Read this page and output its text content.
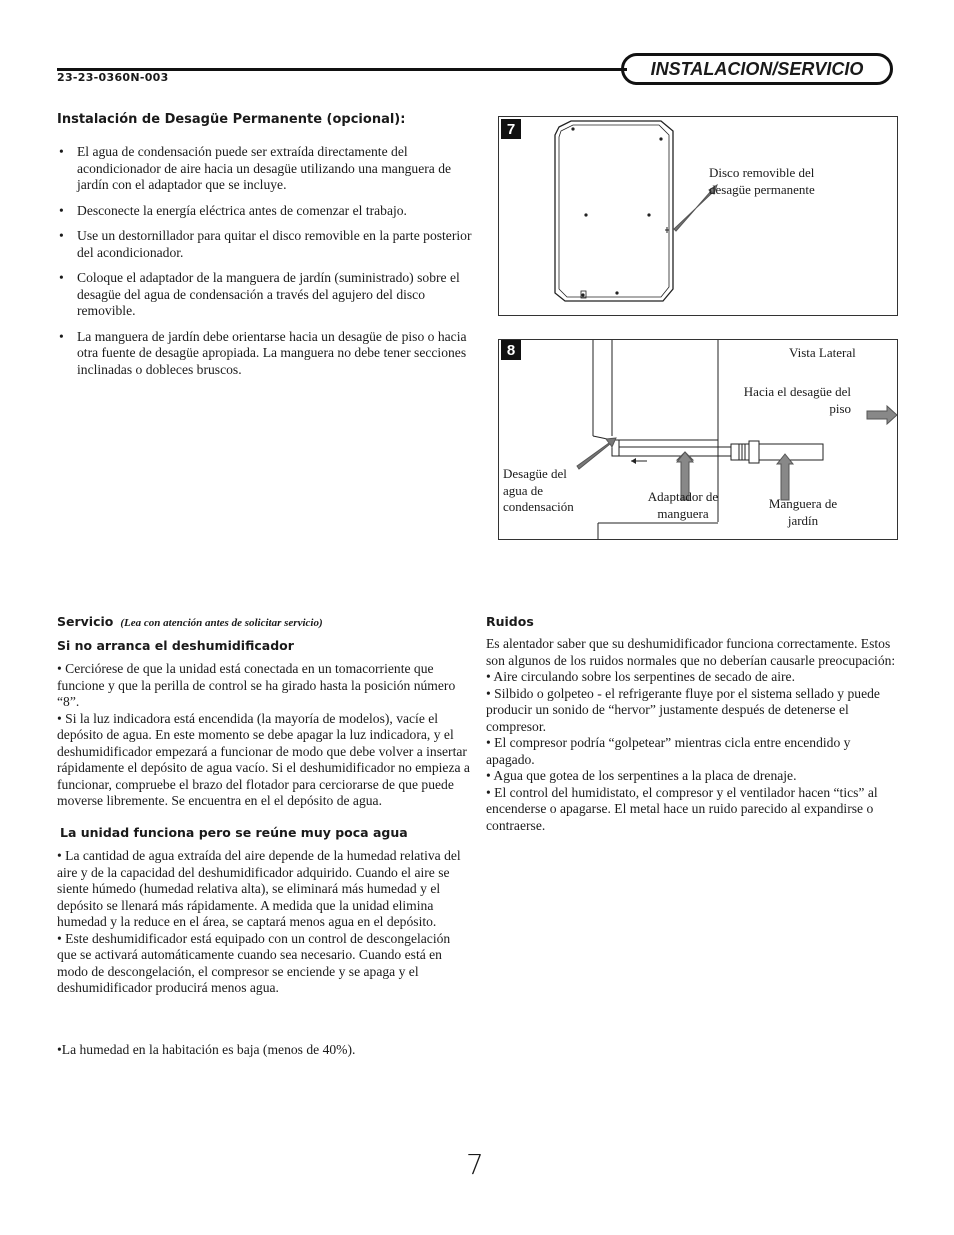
23-23-0360N-003	INSTALACION/SERVICIO
Instalación de Desagüe Permanente (opcional):
• El agua de condensación puede ser extraída directamente del acondicionador de aire hacia un desagüe utilizando una manguera de jardín con el adaptador que se incluye.
• Desconecte la energía eléctrica antes de comenzar el trabajo.
• Use un destornillador para quitar el disco removible en la parte posterior del acondicionador.
• Coloque el adaptador de la manguera de jardín (suministrado) sobre el desagüe del agua de condensación a través del agujero del disco removible.
• La manguera de jardín debe orientarse hacia un desagüe de piso o hacia otra fuente de desagüe apropiada. La manguera no debe tener secciones inclinadas o dobleces bruscos.
7
Disco removible del desagüe permanente
8	Vista Lateral
Hacia el desagüe del piso
Desagüe del agua de condensación
Adaptador de manguera
Manguera de jardín
Servicio (Lea con atención antes de solicitar servicio)
Si no arranca el deshumidificador

• Cerciórese de que la unidad está conectada en un tomacorriente que funcione y que la perilla de control se ha girado hasta la posición número “8”.

• Si la luz indicadora está encendida (la mayoría de modelos), vacíe el depósito de agua. En este momento se debe apagar la luz indicadora, y el deshumidificador empezará a funcionar de modo que debe volver a insertar rápidamente el depósito de agua vacío. Si el deshumidificador no empieza a funcionar, compruebe el brazo del flotador para cerciorarse de que puede moverse libremente. Se encuentra en el el depósito de agua.

La unidad funciona pero se reúne muy poca agua

• La cantidad de agua extraída del aire depende de la humedad relativa del aire y de la capacidad del deshumidificador adquirido. Cuando el aire se siente húmedo (humedad relativa alta), se eliminará más humedad y el depósito se llenará más rápidamente. A medida que la unidad elimina humedad y la reduce en el área, se captará menos agua en el depósito.

• Este deshumidificador está equipado con un control de descongelación que se activará automáticamente cuando sea necesario. Cuando está en modo de descongelación, el compresor se enciende y se apaga y el deshumidificador producirá menos agua.

•La humedad en la habitación es baja (menos de 40%).
Ruidos

Es alentador saber que su deshumidificador funciona correctamente. Estos son algunos de los ruidos normales que no deberían causarle preocupación:

• Aire circulando sobre los serpentines de secado de aire.

• Silbido o golpeteo - el refrigerante fluye por el sistema sellado y puede producir un sonido de “hervor” justamente después de detenerse el compresor.

• El compresor podría “golpetear” mientras cicla entre encendido y apagado.

• Agua que gotea de los serpentines a la placa de drenaje.

• El control del humidistato, el compresor y el ventilador hacen “tics” al encenderse o apagarse. El metal hace un ruido parecido al expandirse o contraerse.

7
